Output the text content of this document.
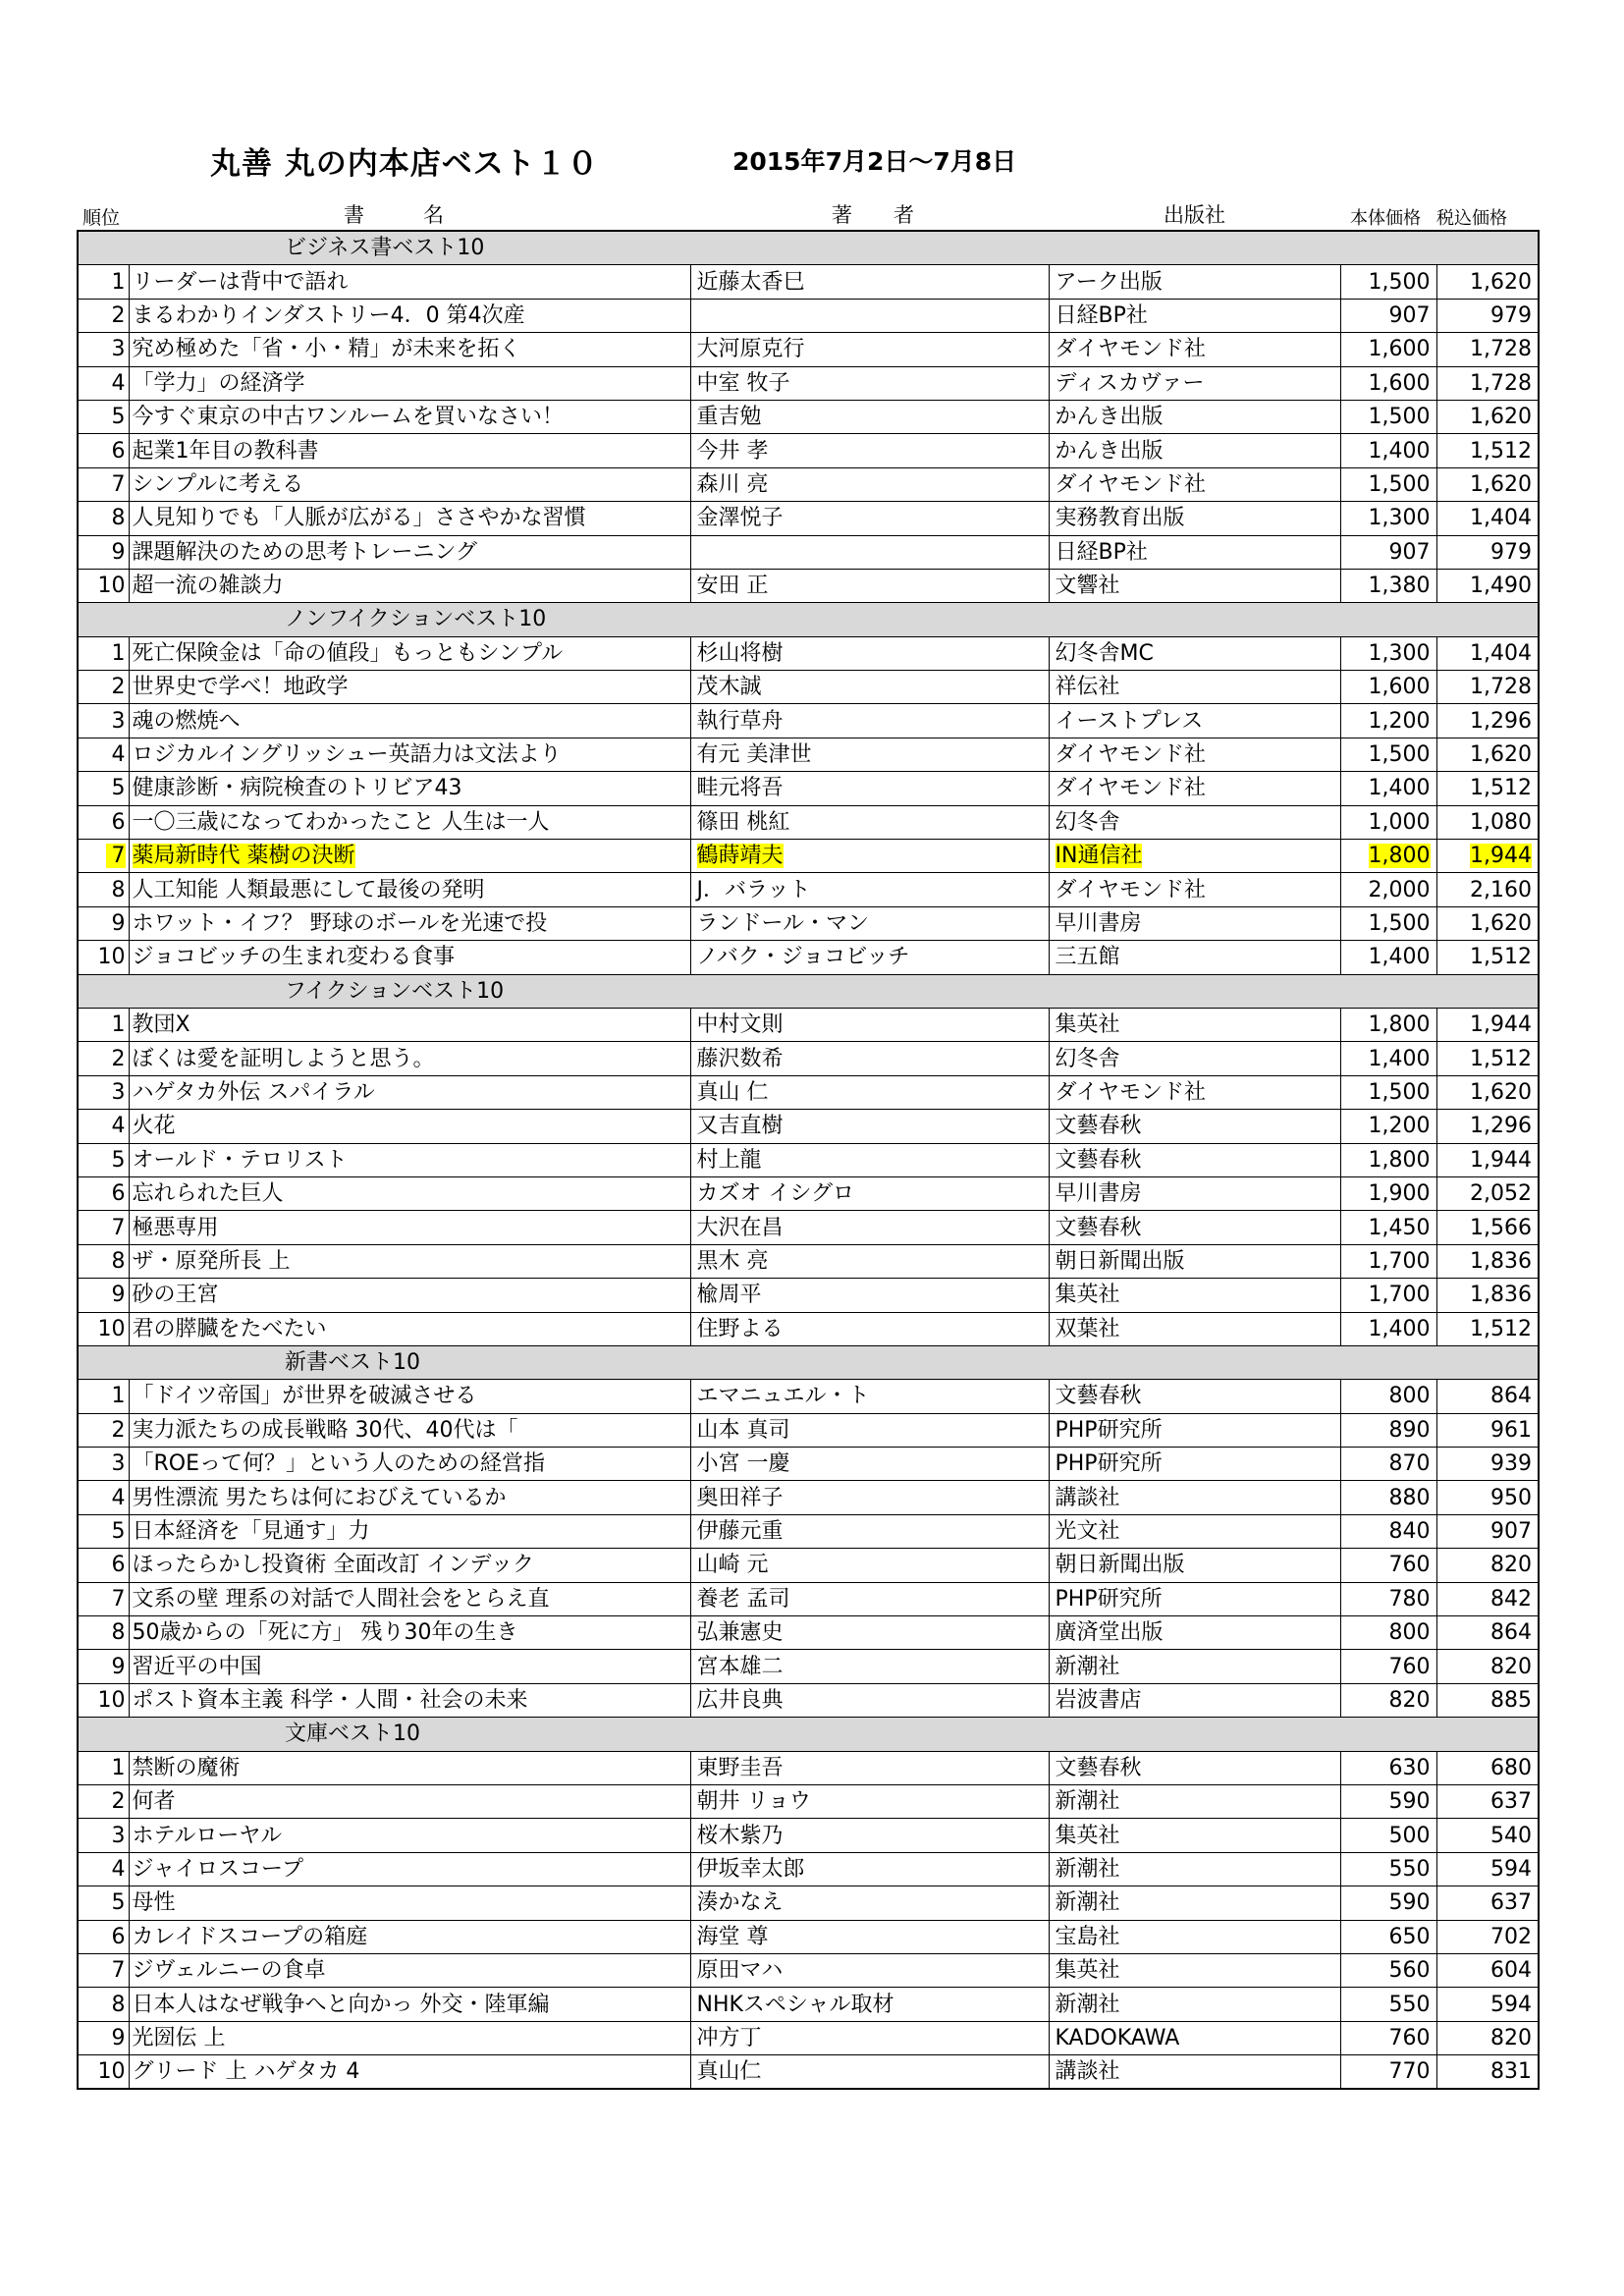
丸善 丸の内本店ベスト１０	2015年7月2日～7月8日
順位	書名	著者	出版社	本体価格 税込価格
ビジネス書ベスト10					
1	リーダーは背中で語れ	近藤太香巳	アーク出版	1,500	1,620
2	まるわかりインダストリー4．0 第4次産		日経BP社	907	979
3	究め極めた「省・小・精」が未来を拓く	大河原克行	ダイヤモンド社	1,600	1,728
4	「学力」の経済学	中室 牧子	ディスカヴァー	1,600	1,728
5	今すぐ東京の中古ワンルームを買いなさい！	重吉勉	かんき出版	1,500	1,620
6	起業1年目の教科書	今井 孝	かんき出版	1,400	1,512
7	シンプルに考える	森川 亮	ダイヤモンド社	1,500	1,620
8	人見知りでも「人脈が広がる」ささやかな習慣	金澤悦子	実務教育出版	1,300	1,404
9	課題解決のための思考トレーニング		日経BP社	907	979
10	超一流の雑談力	安田 正	文響社	1,380	1,490
ノンフイクションベスト10					
1	死亡保険金は「命の値段」もっともシンプル	杉山将樹	幻冬舎MC	1,300	1,404
2	世界史で学べ！地政学	茂木誠	祥伝社	1,600	1,728
3	魂の燃焼へ	執行草舟	イーストプレス	1,200	1,296
4	ロジカルイングリッシュー英語力は文法より	有元 美津世	ダイヤモンド社	1,500	1,620
5	健康診断・病院検査のトリビア43	畦元将吾	ダイヤモンド社	1,400	1,512
6	一〇三歳になってわかったこと 人生は一人	篠田 桃紅	幻冬舎	1,000	1,080
7	薬局新時代 薬樹の決断	鶴蒔靖夫	IN通信社	1,800	1,944
8	人工知能 人類最悪にして最後の発明	J．バラット	ダイヤモンド社	2,000	2,160
9	ホワット・イフ？ 野球のボールを光速で投	ランドール・マン	早川書房	1,500	1,620
10	ジョコビッチの生まれ変わる食事	ノバク・ジョコビッチ	三五館	1,400	1,512
フイクションベスト10					
1	教団X	中村文則	集英社	1,800	1,944
2	ぼくは愛を証明しようと思う。	藤沢数希	幻冬舎	1,400	1,512
3	ハゲタカ外伝 スパイラル	真山 仁	ダイヤモンド社	1,500	1,620
4	火花	又吉直樹	文藝春秋	1,200	1,296
5	オールド・テロリスト	村上龍	文藝春秋	1,800	1,944
6	忘れられた巨人	カズオ イシグロ	早川書房	1,900	2,052
7	極悪専用	大沢在昌	文藝春秋	1,450	1,566
8	ザ・原発所長 上	黒木 亮	朝日新聞出版	1,700	1,836
9	砂の王宮	楡周平	集英社	1,700	1,836
10	君の膵臓をたべたい	住野よる	双葉社	1,400	1,512
新書ベスト10					
1	「ドイツ帝国」が世界を破滅させる	エマニュエル・ト	文藝春秋	800	864
2	実力派たちの成長戦略 30代、40代は「	山本 真司	PHP研究所	890	961
3	「ROEって何？」という人のための経営指	小宮 一慶	PHP研究所	870	939
4	男性漂流 男たちは何におびえているか	奥田祥子	講談社	880	950
5	日本経済を「見通す」力	伊藤元重	光文社	840	907
6	ほったらかし投資術 全面改訂 インデック	山崎 元	朝日新聞出版	760	820
7	文系の壁 理系の対話で人間社会をとらえ直	養老 孟司	PHP研究所	780	842
8	50歳からの「死に方」 残り30年の生き	弘兼憲史	廣済堂出版	800	864
9	習近平の中国	宮本雄二	新潮社	760	820
10	ポスト資本主義 科学・人間・社会の未来	広井良典	岩波書店	820	885
文庫ベスト10					
1	禁断の魔術	東野圭吾	文藝春秋	630	680
2	何者	朝井 リョウ	新潮社	590	637
3	ホテルローヤル	桜木紫乃	集英社	500	540
4	ジャイロスコープ	伊坂幸太郎	新潮社	550	594
5	母性	湊かなえ	新潮社	590	637
6	カレイドスコープの箱庭	海堂 尊	宝島社	650	702
7	ジヴェルニーの食卓	原田マハ	集英社	560	604
8	日本人はなぜ戦争へと向かっ 外交・陸軍編	NHKスペシャル取材	新潮社	550	594
9	光圀伝 上	冲方丁	KADOKAWA	760	820
10	グリード 上 ハゲタカ 4	真山仁	講談社	770	831
